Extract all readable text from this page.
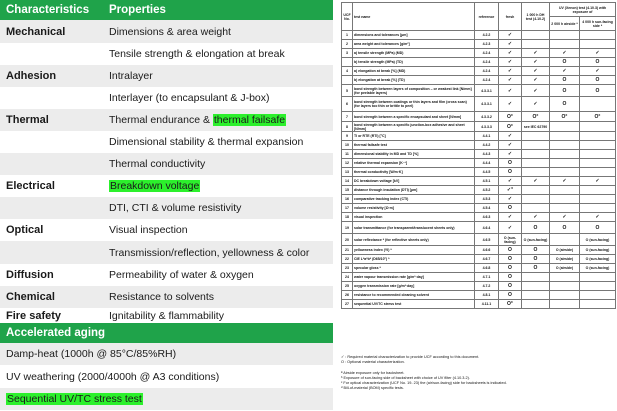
Characteristics	Properties
Mechanical	Dimensions & area weight
Tensile strength & elongation at break
Adhesion	Intralayer
Interlayer (to encapsulant & J-box)
Thermal	Thermal endurance & thermal failsafe
Dimensional stability & thermal expansion
Thermal conductivity
Electrical	Breakdown voltage
DTI, CTI & volume resistivity
Optical	Visual inspection
Transmission/reflection, yellowness & color
Diffusion	Permeability of water & oxygen
Chemical	Resistance to solvents
Fire safety	Ignitability & flammability
Accelerated aging
Damp-heat (1000h @ 85°C/85%RH)
UV weathering (2000/4000h @ A3 conditions)
Sequential UV/TC stress test
UCF No.	test name	reference	fresh	1 000 h DH test (4.10.2)	UV (Xenon) test (4.10.3) with exposure of	
					2 000 h airside ª	4 000 h sun-facing side ª
1	dimensions and tolerances [µm]	4.2.2	✓			
2	area weight and tolerances [g/m²]	4.2.3	✓			
3	a) tensile strength (MPa) (MD)	4.2.4	✓	✓	✓	✓
	b) tensile strength (MPa) (TD)	4.2.4	✓	✓	O	O
4	a) elongation at break [%] (MD)	4.2.4	✓	✓	✓	✓
	b) elongation at break [%] (TD)	4.2.4	✓	✓	O	O
5	bond strength between layers of composition – or weakest link [N/mm] (for peelable layers)	4.3.3.1	✓	✓	O	O
6	bond strength between coatings or thin layers and film (cross scan) (for layers too thin or brittle to peel)	4.3.3.1	✓	✓	O	
7	bond strength between a specific encapsulant and sheet [N/mm]	4.3.3.2	O°	O°	O°	O°
8	bond strength between a specific junction-box adhesive and sheet [N/mm]	4.3.3.3	O°	see IEC 62790		
9	TI or RTE (RTI) [°C]	4.4.1	✓			
10	thermal failsafe test	4.4.2	✓			
11	dimensional stability in MD and TD [%]	4.4.3	✓			
12	relative thermal expansion [K⁻¹]	4.4.4	O			
13	thermal conductivity [W/m·K]	4.4.5	O			
14	DC breakdown voltage [kV]	4.5.1	✓	✓	✓	✓
15	distance through insulation (DTI) [µm]	4.5.2	✓°			
16	comparative tracking index (CTI)	4.5.3	✓			
17	volume resistivity [Ω·m]	4.5.4	O			
18	visual inspection	4.6.3	✓	✓	✓	✓
19	solar transmittance (for transparent/translucent sheets only)	4.6.4	✓	O	O	O
20	solar reflectance ª (for reflective sheets only)	4.6.5	O (sun-facing)	O (sun-facing)		O (sun-facing)
21	yellowness index (YI) ª	4.6.6	O	O	O (airside)	O (sun-facing)
22	CIE L*a*b* (D65/10°) ª	4.6.7	O	O	O (airside)	O (sun-facing)
23	specular gloss ª	4.6.8	O	O	O (airside)	O (sun-facing)
24	water vapour transmission rate [g/m²·day]	4.7.1	O			
25	oxygen transmission rate [g/m²·day]	4.7.2	O			
26	resistance to recommended cleaning solvent	4.8.1	O			
27	sequential UV/TC stress test	4.11.1	O°			
✓ : Required material characterization to provide UCF according to this document.
O : Optional material characterization.

ª Airside exposure only for backsheet.
ᵇ Exposure of sun-facing side of backsheet with choice of UV filter (4.10.3.2).
ᶜ For optical characterization (UCF No. 19- 23) the (air/sun-facing) side for backsheets is indicated.
ᵈ Bill-of-material (BOM) specific tests.
